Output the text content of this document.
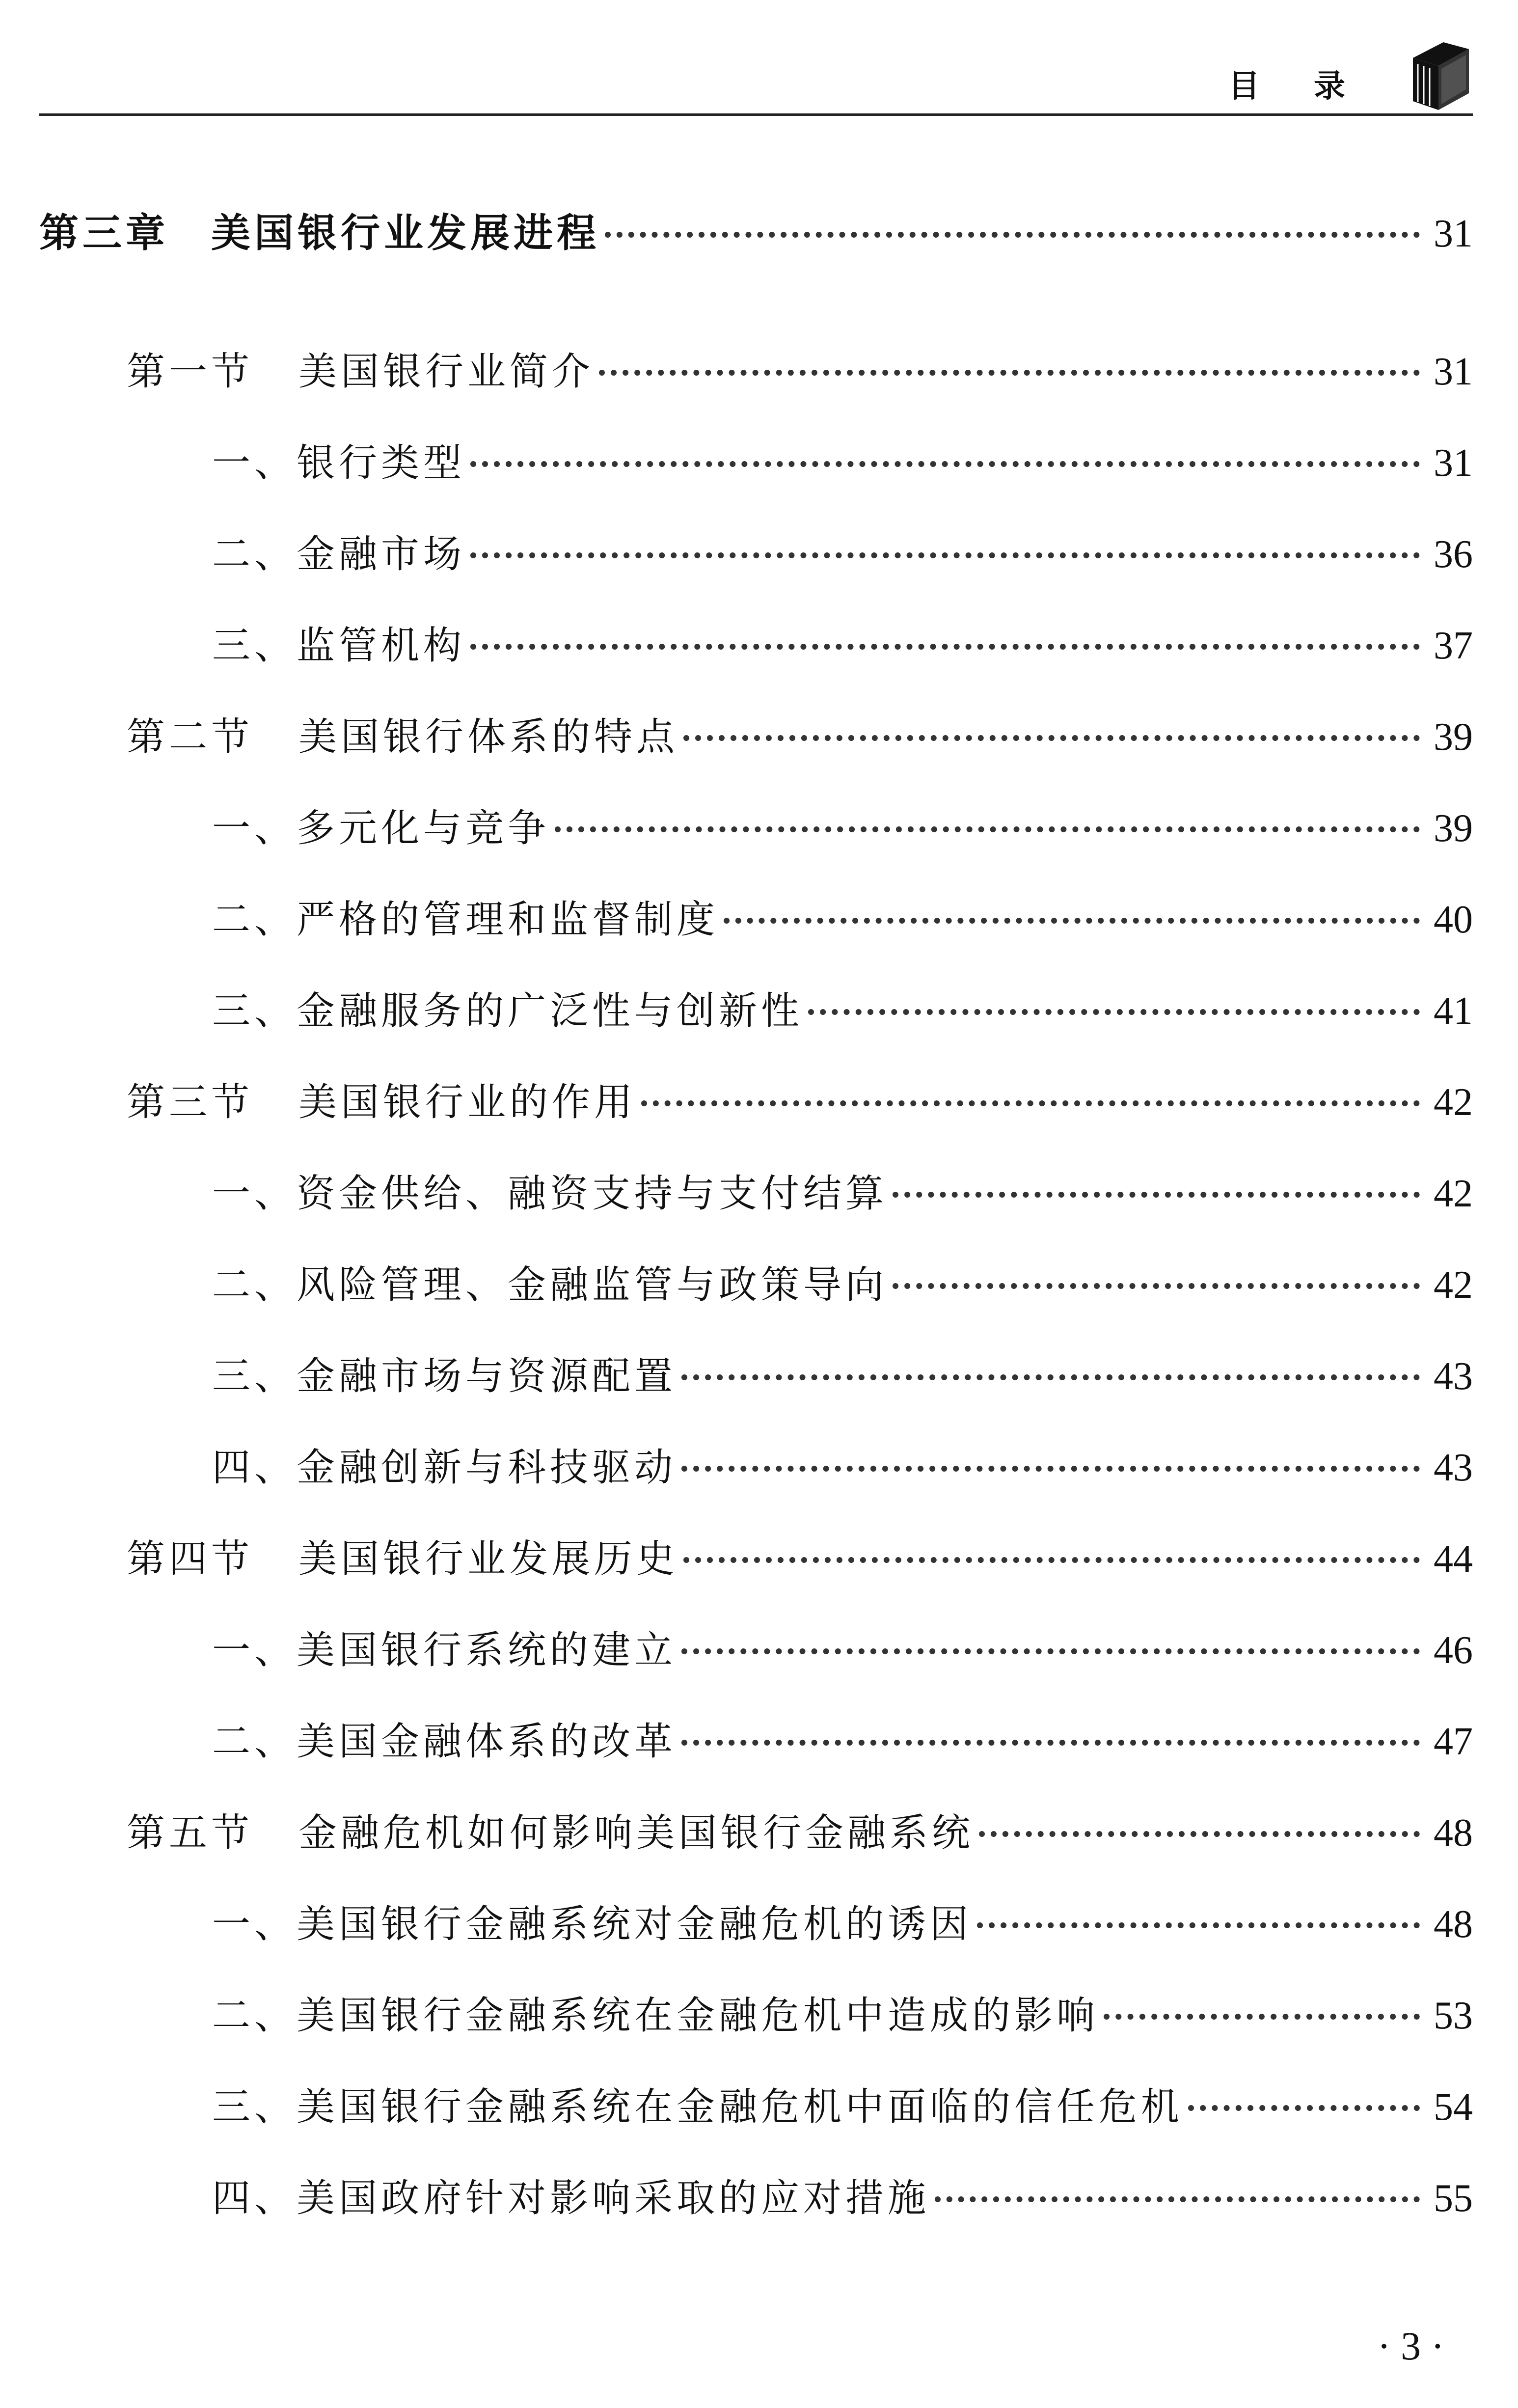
目录
第三章	美国银行业发展进程	31
第一节	美国银行业简介	31
一、银行类型	31
二、金融市场	36
三、监管机构	37
第二节	美国银行体系的特点	39
一、多元化与竞争	39
二、严格的管理和监督制度	40
三、金融服务的广泛性与创新性	41
第三节	美国银行业的作用	42
一、资金供给、融资支持与支付结算	42
二、风险管理、金融监管与政策导向	42
三、金融市场与资源配置	43
四、金融创新与科技驱动	43
第四节	美国银行业发展历史	44
一、美国银行系统的建立	46
二、美国金融体系的改革	47
第五节	金融危机如何影响美国银行金融系统	48
一、美国银行金融系统对金融危机的诱因	48
二、美国银行金融系统在金融危机中造成的影响	53
三、美国银行金融系统在金融危机中面临的信任危机	54
四、美国政府针对影响采取的应对措施	55
· 3 ·
